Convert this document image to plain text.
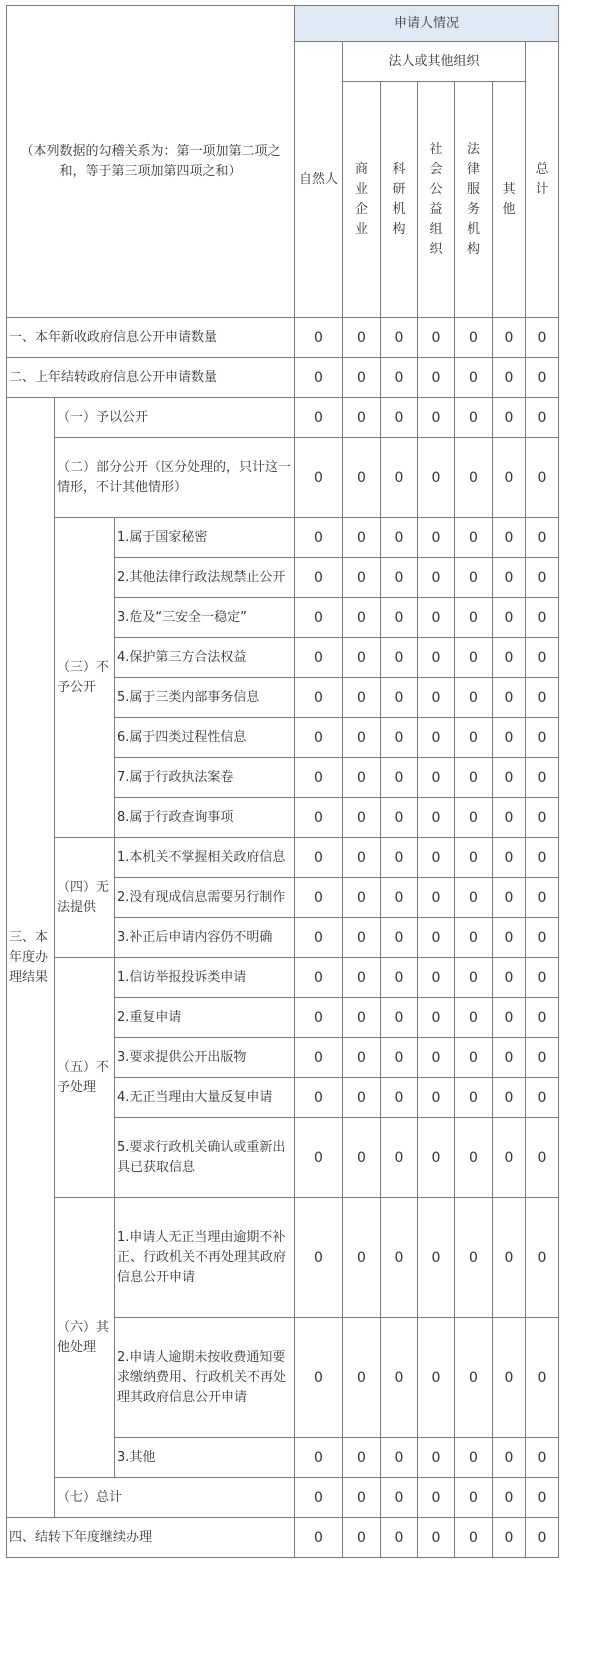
（本列数据的勾稽关系为：第一项加第二项之和，等于第三项加第四项之和）			申请人情况						
			自然人	法人或其他组织					总计

				商业企业	科研机构	社会公益组织	法律服务机构	其他	

一、本年新收政府信息公开申请数量			0	0	0	0	0	0	0
二、上年结转政府信息公开申请数量			0	0	0	0	0	0	0
三、本年度办理结果	（一）予以公开		0	0	0	0	0	0	0
	（二）部分公开（区分处理的，只计这一情形，不计其他情形）		0	0	0	0	0	0	0
	（三）不予公开	1.属于国家秘密	0	0	0	0	0	0	0
		2.其他法律行政法规禁止公开	0	0	0	0	0	0	0
		3.危及“三安全一稳定”	0	0	0	0	0	0	0
		4.保护第三方合法权益	0	0	0	0	0	0	0
		5.属于三类内部事务信息	0	0	0	0	0	0	0
		6.属于四类过程性信息	0	0	0	0	0	0	0
		7.属于行政执法案卷	0	0	0	0	0	0	0
		8.属于行政查询事项	0	0	0	0	0	0	0
	（四）无法提供	1.本机关不掌握相关政府信息	0	0	0	0	0	0	0
		2.没有现成信息需要另行制作	0	0	0	0	0	0	0
		3.补正后申请内容仍不明确	0	0	0	0	0	0	0
	（五）不予处理	1.信访举报投诉类申请	0	0	0	0	0	0	0
		2.重复申请	0	0	0	0	0	0	0
		3.要求提供公开出版物	0	0	0	0	0	0	0
		4.无正当理由大量反复申请	0	0	0	0	0	0	0
		5.要求行政机关确认或重新出具已获取信息	0	0	0	0	0	0	0
	（六）其他处理	1.申请人无正当理由逾期不补正、行政机关不再处理其政府信息公开申请	0	0	0	0	0	0	0
		2.申请人逾期未按收费通知要求缴纳费用、行政机关不再处理其政府信息公开申请	0	0	0	0	0	0	0
		3.其他	0	0	0	0	0	0	0
	（七）总计		0	0	0	0	0	0	0
四、结转下年度继续办理			0	0	0	0	0	0	0
